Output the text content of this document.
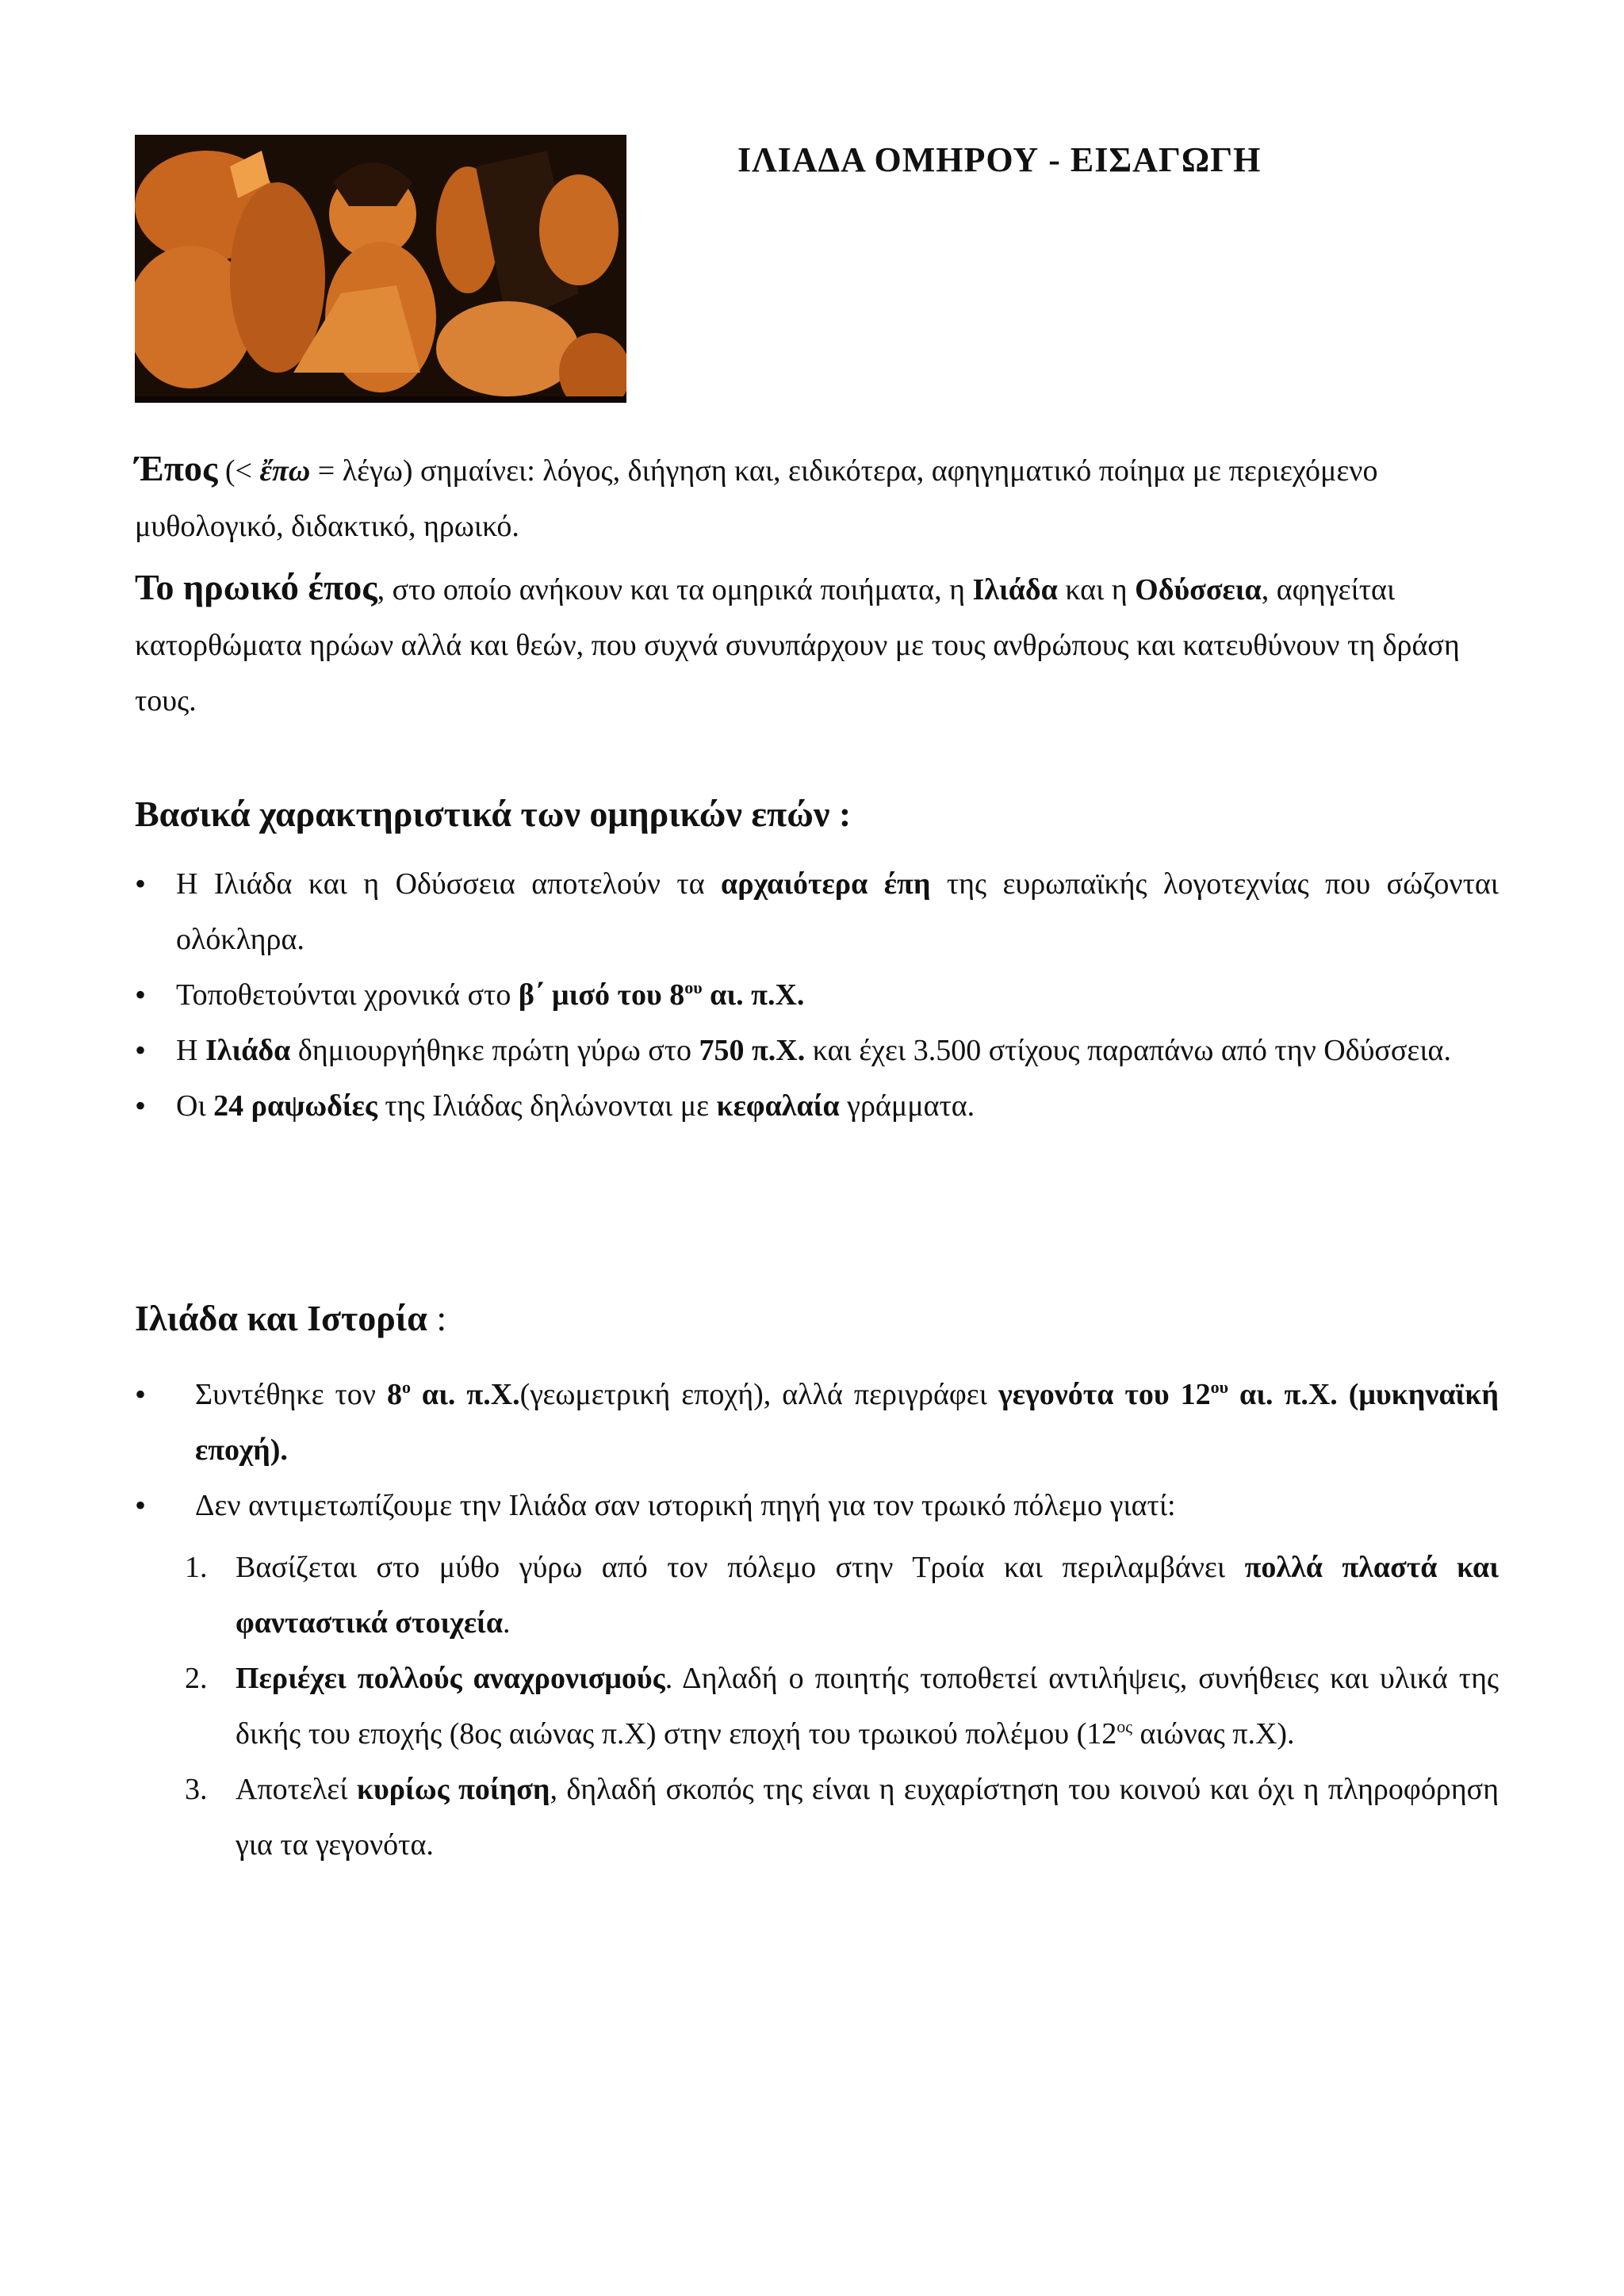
ΙΛΙΑΔΑ ΟΜΗΡΟΥ - ΕΙΣΑΓΩΓΗ

Έπος (< ἔπω = λέγω) σημαίνει: λόγος, διήγηση και, ειδικότερα, αφηγηματικό ποίημα με περιεχόμενο μυθολογικό, διδακτικό, ηρωικό.

Το ηρωικό έπος, στο οποίο ανήκουν και τα ομηρικά ποιήματα, η Ιλιάδα και η Οδύσσεια, αφηγείται κατορθώματα ηρώων αλλά και θεών, που συχνά συνυπάρχουν με τους ανθρώπους και κατευθύνουν τη δράση τους.

Βασικά χαρακτηριστικά των ομηρικών επών :
• Η Ιλιάδα και η Οδύσσεια αποτελούν τα αρχαιότερα έπη της ευρωπαϊκής λογοτεχνίας που σώζονται ολόκληρα.
• Τοποθετούνται χρονικά στο β΄ μισό του $8^{o\upsilon}$ αι. π.Χ.
• Η Ιλιάδα δημιουργήθηκε πρώτη γύρω στο 750 π.Χ. και έχει 3.500 στίχους παραπάνω από την Οδύσσεια.
• Οι 24 ραψωδίες της Ιλιάδας δηλώνονται με κεφαλαία γράμματα.
Ιλιάδα και Ιστορία :
• Συντέθηκε τον $8^o$ αι. π.Χ.(γεωμετρική εποχή), αλλά περιγράφει γεγονότα του $12^{o\upsilon}$ αι. π.Χ. (μυκηναϊκή εποχή).
• Δεν αντιμετωπίζουμε την Ιλιάδα σαν ιστορική πηγή για τον τρωικό πόλεμο γιατί:
1. Βασίζεται στο μύθο γύρω από τον πόλεμο στην Τροία και περιλαμβάνει πολλά πλαστά και φανταστικά στοιχεία.
2. Περιέχει πολλούς αναχρονισμούς. Δηλαδή ο ποιητής τοποθετεί αντιλήψεις, συνήθειες και υλικά της δικής του εποχής (8ος αιώνας π.Χ) στην εποχή του τρωικού πολέμου ($12^{o\varsigma}$ αιώνας π.Χ).
3. Αποτελεί κυρίως ποίηση, δηλαδή σκοπός της είναι η ευχαρίστηση του κοινού και όχι η πληροφόρηση για τα γεγονότα.
